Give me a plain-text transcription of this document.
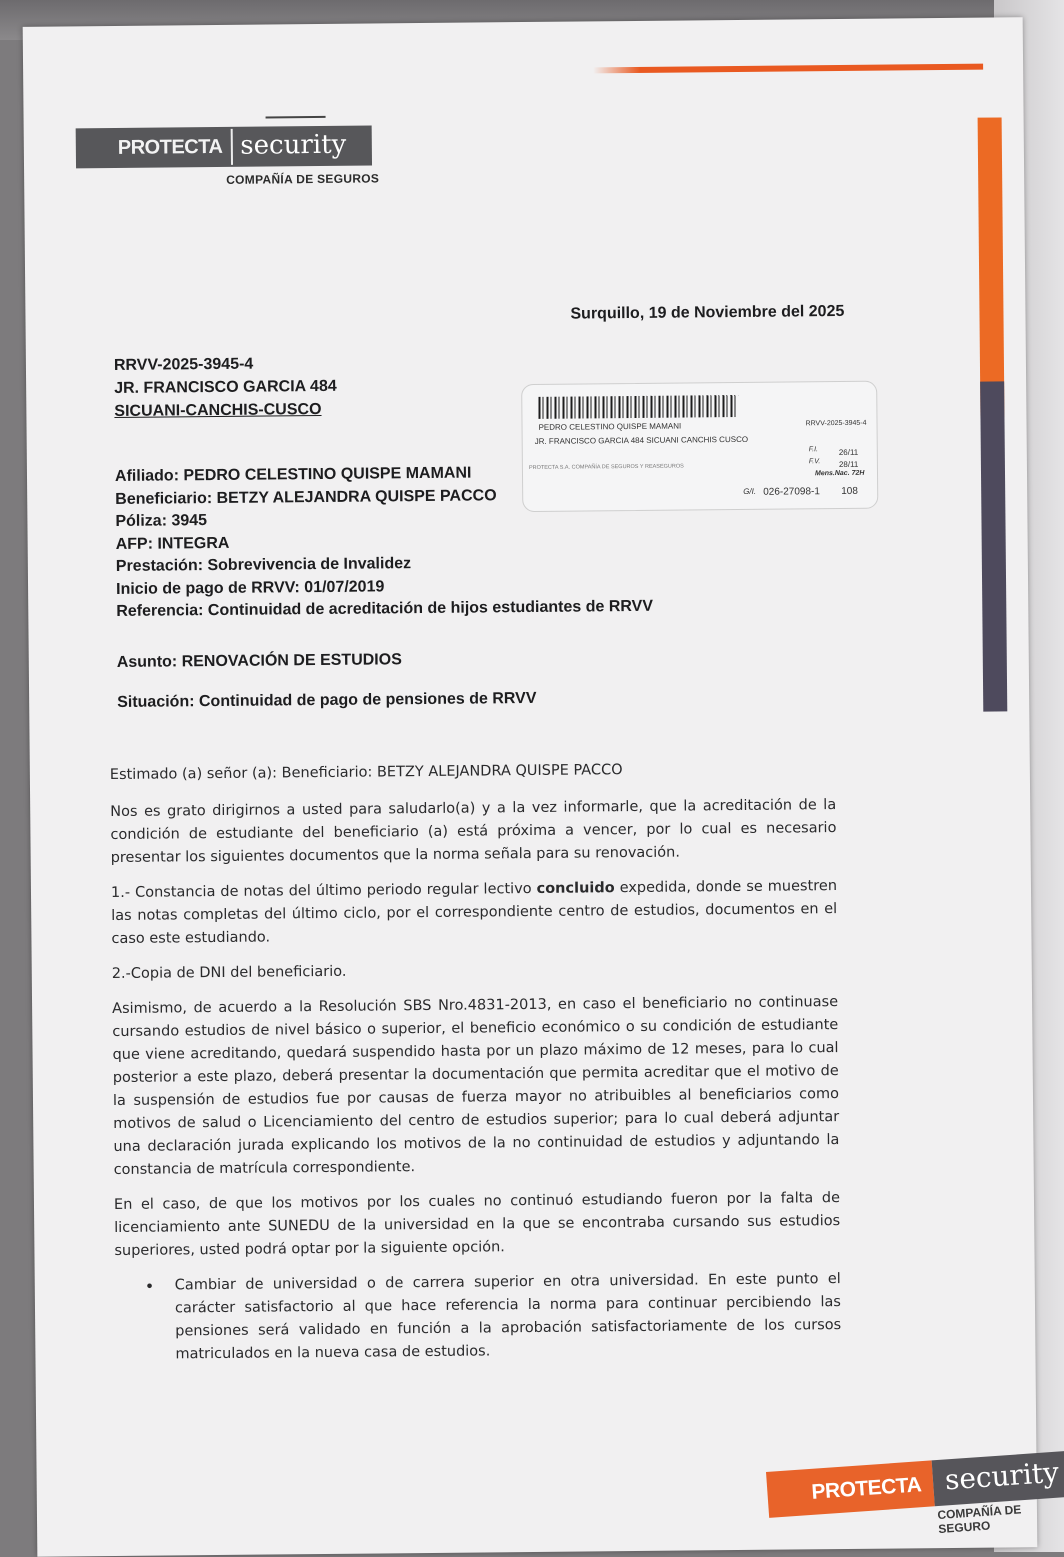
PROTECTA security
COMPAÑÍA DE SEGUROS
Surquillo, 19 de Noviembre del 2025
RRVV-2025-3945-4
JR. FRANCISCO GARCIA 484
SICUANI-CANCHIS-CUSCO
PEDRO CELESTINO QUISPE MAMANI	RRVV-2025-3945-4
JR. FRANCISCO GARCIA 484 SICUANI CANCHIS CUSCO
PROTECTA S.A. COMPAÑÍA DE SEGUROS Y REASEGUROS
F.I.	26/11
F.V. 28/11
Mens.Nac. 72H
G/I. 026-27098-1 108
Afiliado: PEDRO CELESTINO QUISPE MAMANI
Beneficiario: BETZY ALEJANDRA QUISPE PACCO
Póliza: 3945
AFP: INTEGRA
Prestación: Sobrevivencia de Invalidez
Inicio de pago de RRVV: 01/07/2019
Referencia: Continuidad de acreditación de hijos estudiantes de RRVV
Asunto: RENOVACIÓN DE ESTUDIOS
Situación: Continuidad de pago de pensiones de RRVV

Estimado (a) señor (a): Beneficiario: BETZY ALEJANDRA QUISPE PACCO

Nos es grato dirigirnos a usted para saludarlo(a) y a la vez informarle, que la acreditación de la condición de estudiante del beneficiario (a) está próxima a vencer, por lo cual es necesario presentar los siguientes documentos que la norma señala para su renovación.

1.- Constancia de notas del último periodo regular lectivo concluido expedida, donde se muestren las notas completas del último ciclo, por el correspondiente centro de estudios, documentos en el caso este estudiando.

2.-Copia de DNI del beneficiario.

Asimismo, de acuerdo a la Resolución SBS Nro.4831-2013, en caso el beneficiario no continuase cursando estudios de nivel básico o superior, el beneficio económico o su condición de estudiante que viene acreditando, quedará suspendido hasta por un plazo máximo de 12 meses, para lo cual posterior a este plazo, deberá presentar la documentación que permita acreditar que el motivo de la suspensión de estudios fue por causas de fuerza mayor no atribuibles al beneficiarios como motivos de salud o Licenciamiento del centro de estudios superior; para lo cual deberá adjuntar una declaración jurada explicando los motivos de la no continuidad de estudios y adjuntando la constancia de matrícula correspondiente.

En el caso, de que los motivos por los cuales no continuó estudiando fueron por la falta de licenciamiento ante SUNEDU de la universidad en la que se encontraba cursando sus estudios superiores, usted podrá optar por la siguiente opción.

•	Cambiar de universidad o de carrera superior en otra universidad. En este punto el carácter satisfactorio al que hace referencia la norma para continuar percibiendo las pensiones será validado en función a la aprobación satisfactoriamente de los cursos matriculados en la nueva casa de estudios.
PROTECTA security
COMPAÑÍA DE SEGURO
